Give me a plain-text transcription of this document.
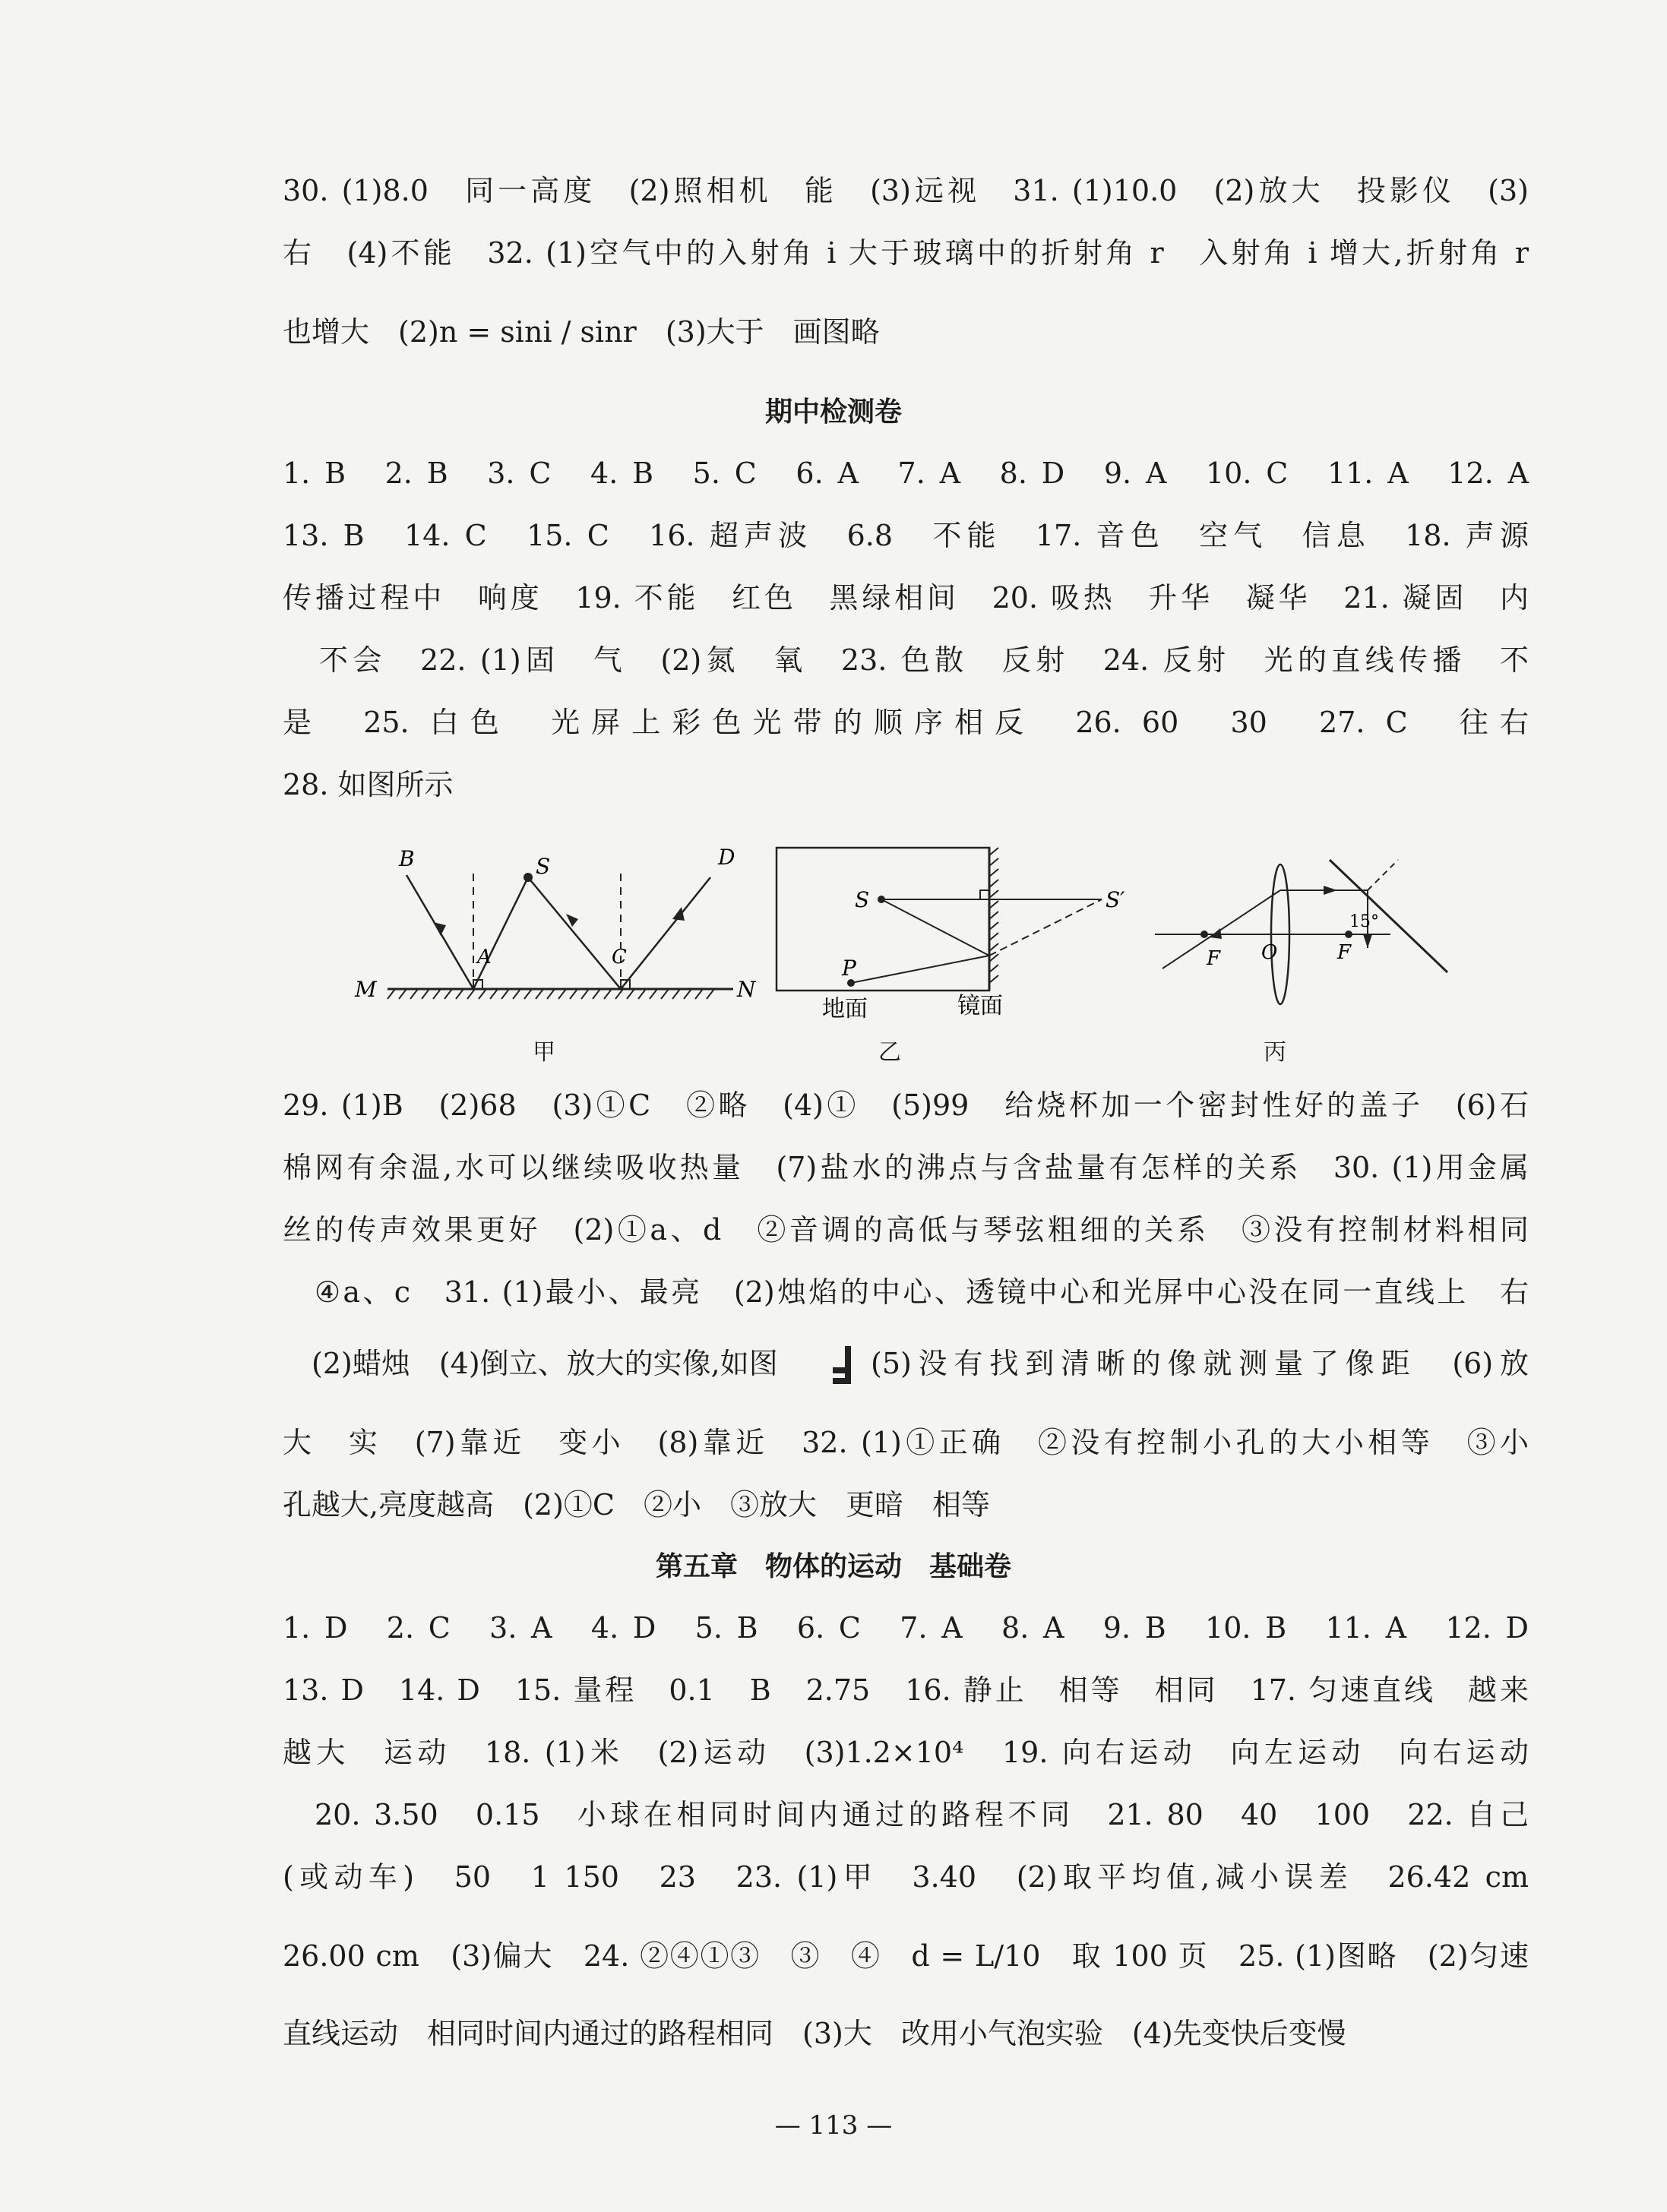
30. (1)8.0　同一高度　(2)照相机　能　(3)远视　31. (1)10.0　(2)放大　投影仪　(3)
右　(4)不能　32. (1)空气中的入射角 i 大于玻璃中的折射角 r　入射角 i 增大,折射角 r
也增大　(2)n = sini / sinr　(3)大于　画图略
期中检测卷
1. B　2. B　3. C　4. B　5. C　6. A　7. A　8. D　9. A　10. C　11. A　12. A
13. B　14. C　15. C　16. 超声波　6.8　不能　17. 音色　空气　信息　18. 声源
传播过程中　响度　19. 不能　红色　黑绿相间　20. 吸热　升华　凝华　21. 凝固　内
不会　22. (1)固　气　(2)氮　氧　23. 色散　反射　24. 反射　光的直线传播　不
是　25. 白色　光屏上彩色光带的顺序相反　26. 60　30　27. C　往右
28. 如图所示
B	S	D
A	C
M	N
甲
S	S′
P
地面	镜面
乙
F O	F
15°
丙
29. (1)B　(2)68　(3)①C　②略　(4)①　(5)99　给烧杯加一个密封性好的盖子　(6)石
棉网有余温,水可以继续吸收热量　(7)盐水的沸点与含盐量有怎样的关系　30. (1)用金属
丝的传声效果更好　(2)①a、d　②音调的高低与琴弦粗细的关系　③没有控制材料相同
④a、c　31. (1)最小、最亮　(2)烛焰的中心、透镜中心和光屏中心没在同一直线上　右
(2)蜡烛　(4)倒立、放大的实像,如图	(5)没有找到清晰的像就测量了像距　(6)放
大　实　(7)靠近　变小　(8)靠近　32. (1)①正确　②没有控制小孔的大小相等　③小
孔越大,亮度越高　(2)①C　②小　③放大　更暗　相等
第五章　物体的运动　基础卷
1. D　2. C　3. A　4. D　5. B　6. C　7. A　8. A　9. B　10. B　11. A　12. D
13. D　14. D　15. 量程　0.1　B　2.75　16. 静止　相等　相同　17. 匀速直线　越来
越大　运动　18. (1)米　(2)运动　(3)1.2×10⁴　19. 向右运动　向左运动　向右运动
20. 3.50　0.15　小球在相同时间内通过的路程不同　21. 80　40　100　22. 自己
(或动车)　50　1 150　23　23. (1)甲　3.40　(2)取平均值,减小误差　26.42 cm
26.00 cm　(3)偏大　24. ②④①③　③　④　d = L/10　取 100 页　25. (1)图略　(2)匀速
直线运动　相同时间内通过的路程相同　(3)大　改用小气泡实验　(4)先变快后变慢
— 113 —
